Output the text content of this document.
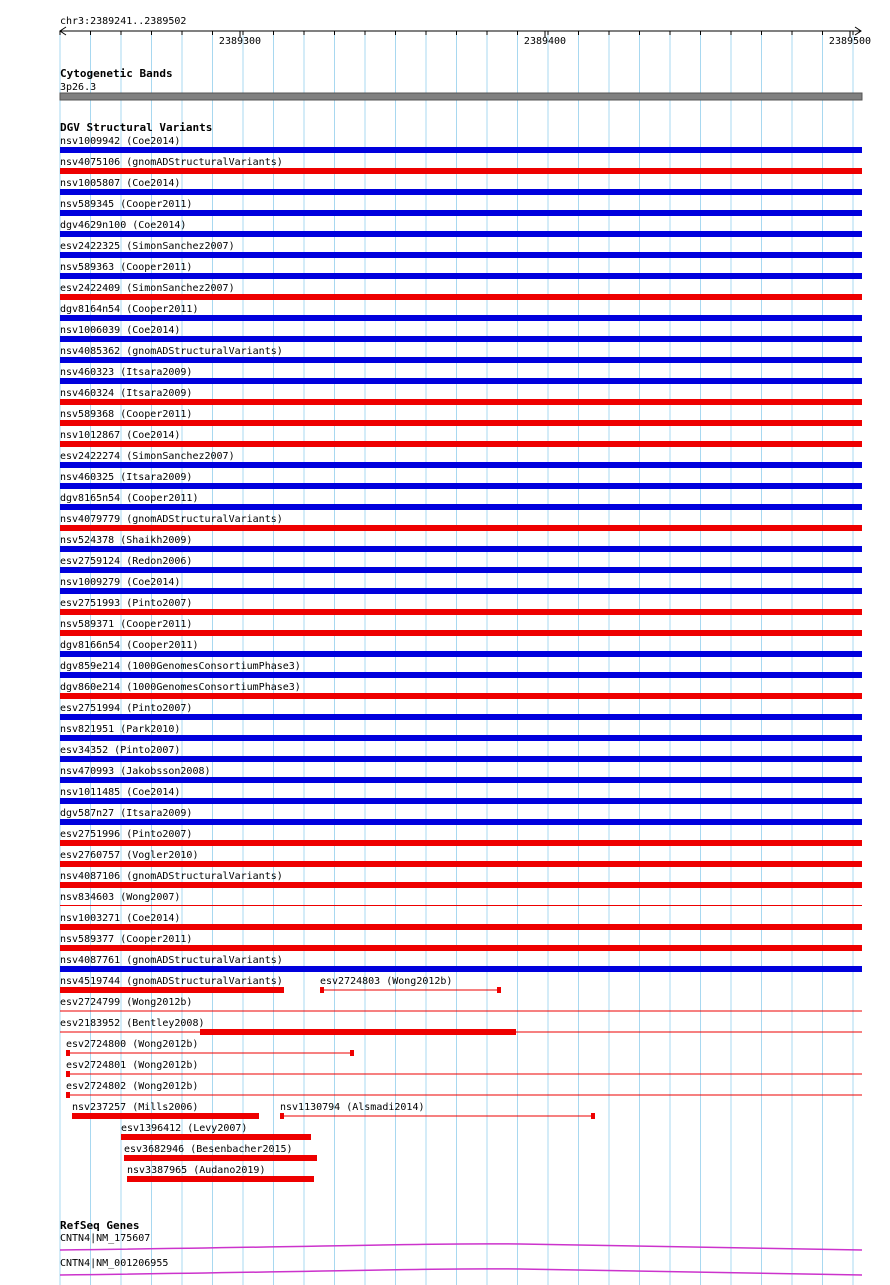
chr3:2389241..2389502
2389300	2389400	2389500
Cytogenetic Bands
3p26.3
DGV Structural Variants
nsv1009942 (Coe2014)
nsv4075106 (gnomADStructuralVariants)
nsv1005807 (Coe2014)
nsv589345 (Cooper2011)
dgv4629n100 (Coe2014)
esv2422325 (SimonSanchez2007)
nsv589363 (Cooper2011)
esv2422409 (SimonSanchez2007)
dgv8164n54 (Cooper2011)
nsv1006039 (Coe2014)
nsv4085362 (gnomADStructuralVariants)
nsv460323 (Itsara2009)
nsv460324 (Itsara2009)
nsv589368 (Cooper2011)
nsv1012867 (Coe2014)
esv2422274 (SimonSanchez2007)
nsv460325 (Itsara2009)
dgv8165n54 (Cooper2011)
nsv4079779 (gnomADStructuralVariants)
nsv524378 (Shaikh2009)
esv2759124 (Redon2006)
nsv1009279 (Coe2014)
esv2751993 (Pinto2007)
nsv589371 (Cooper2011)
dgv8166n54 (Cooper2011)
dgv859e214 (1000GenomesConsortiumPhase3)
dgv860e214 (1000GenomesConsortiumPhase3)
esv2751994 (Pinto2007)
nsv821951 (Park2010)
esv34352 (Pinto2007)
nsv470993 (Jakobsson2008)
nsv1011485 (Coe2014)
dgv587n27 (Itsara2009)
esv2751996 (Pinto2007)
esv2760757 (Vogler2010)
nsv4087106 (gnomADStructuralVariants)
nsv834603 (Wong2007)
nsv1003271 (Coe2014)
nsv589377 (Cooper2011)
nsv4087761 (gnomADStructuralVariants)
nsv4519744 (gnomADStructuralVariants)	esv2724803 (Wong2012b)
esv2724799 (Wong2012b)
esv2183952 (Bentley2008)
esv2724800 (Wong2012b)
esv2724801 (Wong2012b)
esv2724802 (Wong2012b)
nsv237257 (Mills2006)	nsv1130794 (Alsmadi2014)
esv1396412 (Levy2007)
esv3682946 (Besenbacher2015)
nsv3387965 (Audano2019)
RefSeq Genes
CNTN4|NM_175607
CNTN4|NM_001206955
